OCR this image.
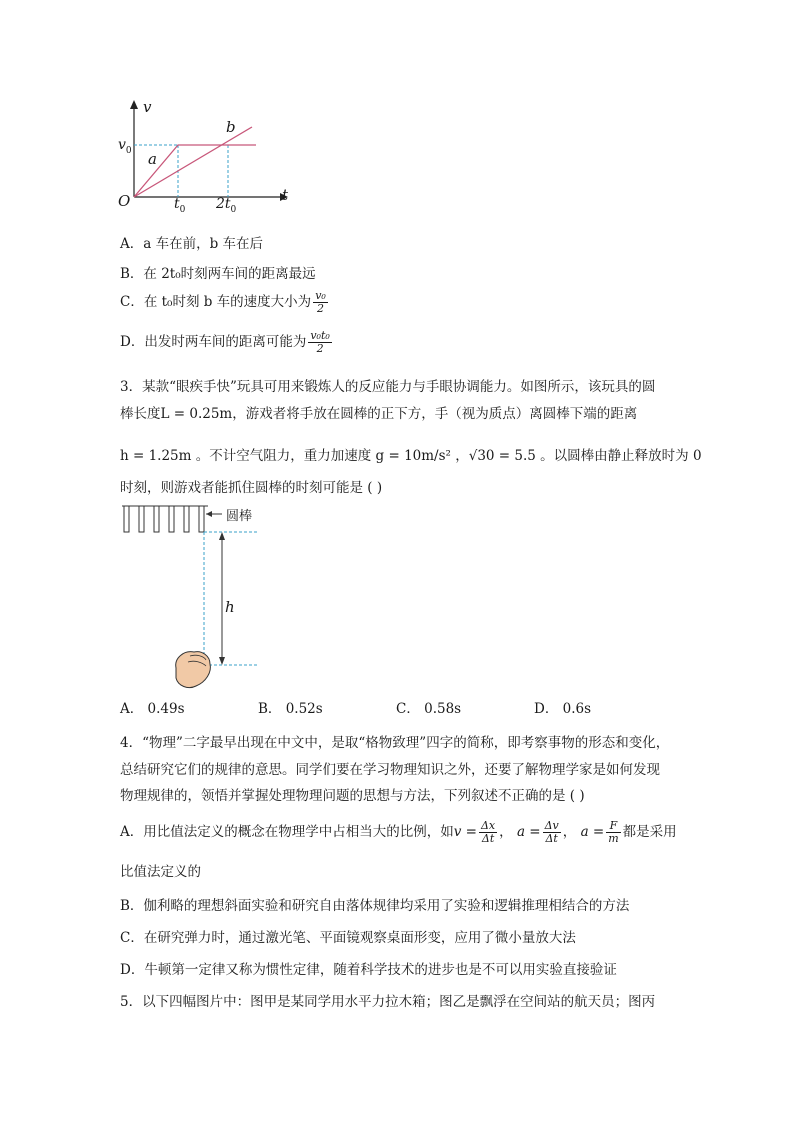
v
t
O
$v_0$ a
b
$t_0$ $2t_0$
A．a 车在前，b 车在后
B．在 2t₀时刻两车间的距离最远
C．在 t₀时刻 b 车的速度大小为 $\frac{\text{v₀}}{2}$
D．出发时两车间的距离可能为 $\frac{\text{v₀t₀}}{2}$
3．某款“眼疾手快”玩具可用来锻炼人的反应能力与手眼协调能力。如图所示，该玩具的圆
棒长度L = 0.25m，游戏者将手放在圆棒的正下方，手（视为质点）离圆棒下端的距离
h = 1.25m 。不计空气阻力，重力加速度 g = 10m/s² ，√30 = 5.5 。以圆棒由静止释放时为 0
时刻，则游戏者能抓住圆棒的时刻可能是 ( )
圆棒
h
A． 0.49s	B． 0.52s	C． 0.58s	D． 0.6s
4．“物理”二字最早出现在中文中，是取“格物致理”四字的简称，即考察事物的形态和变化，
总结研究它们的规律的意思。同学们要在学习物理知识之外，还要了解物理学家是如何发现
物理规律的，领悟并掌握处理物理问题的思想与方法，下列叙述不正确的是 ( )
A．用比值法定义的概念在物理学中占相当大的比例，如$v = \frac{\Delta x}{\Delta t}$ ， $a = \frac{\Delta v}{\Delta t}$ ， $a = \frac{F}{m}$ 都是采用
比值法定义的
B．伽利略的理想斜面实验和研究自由落体规律均采用了实验和逻辑推理相结合的方法
C．在研究弹力时，通过激光笔、平面镜观察桌面形变，应用了微小量放大法
D．牛顿第一定律又称为惯性定律，随着科学技术的进步也是不可以用实验直接验证
5．以下四幅图片中：图甲是某同学用水平力拉木箱；图乙是飘浮在空间站的航天员；图丙
